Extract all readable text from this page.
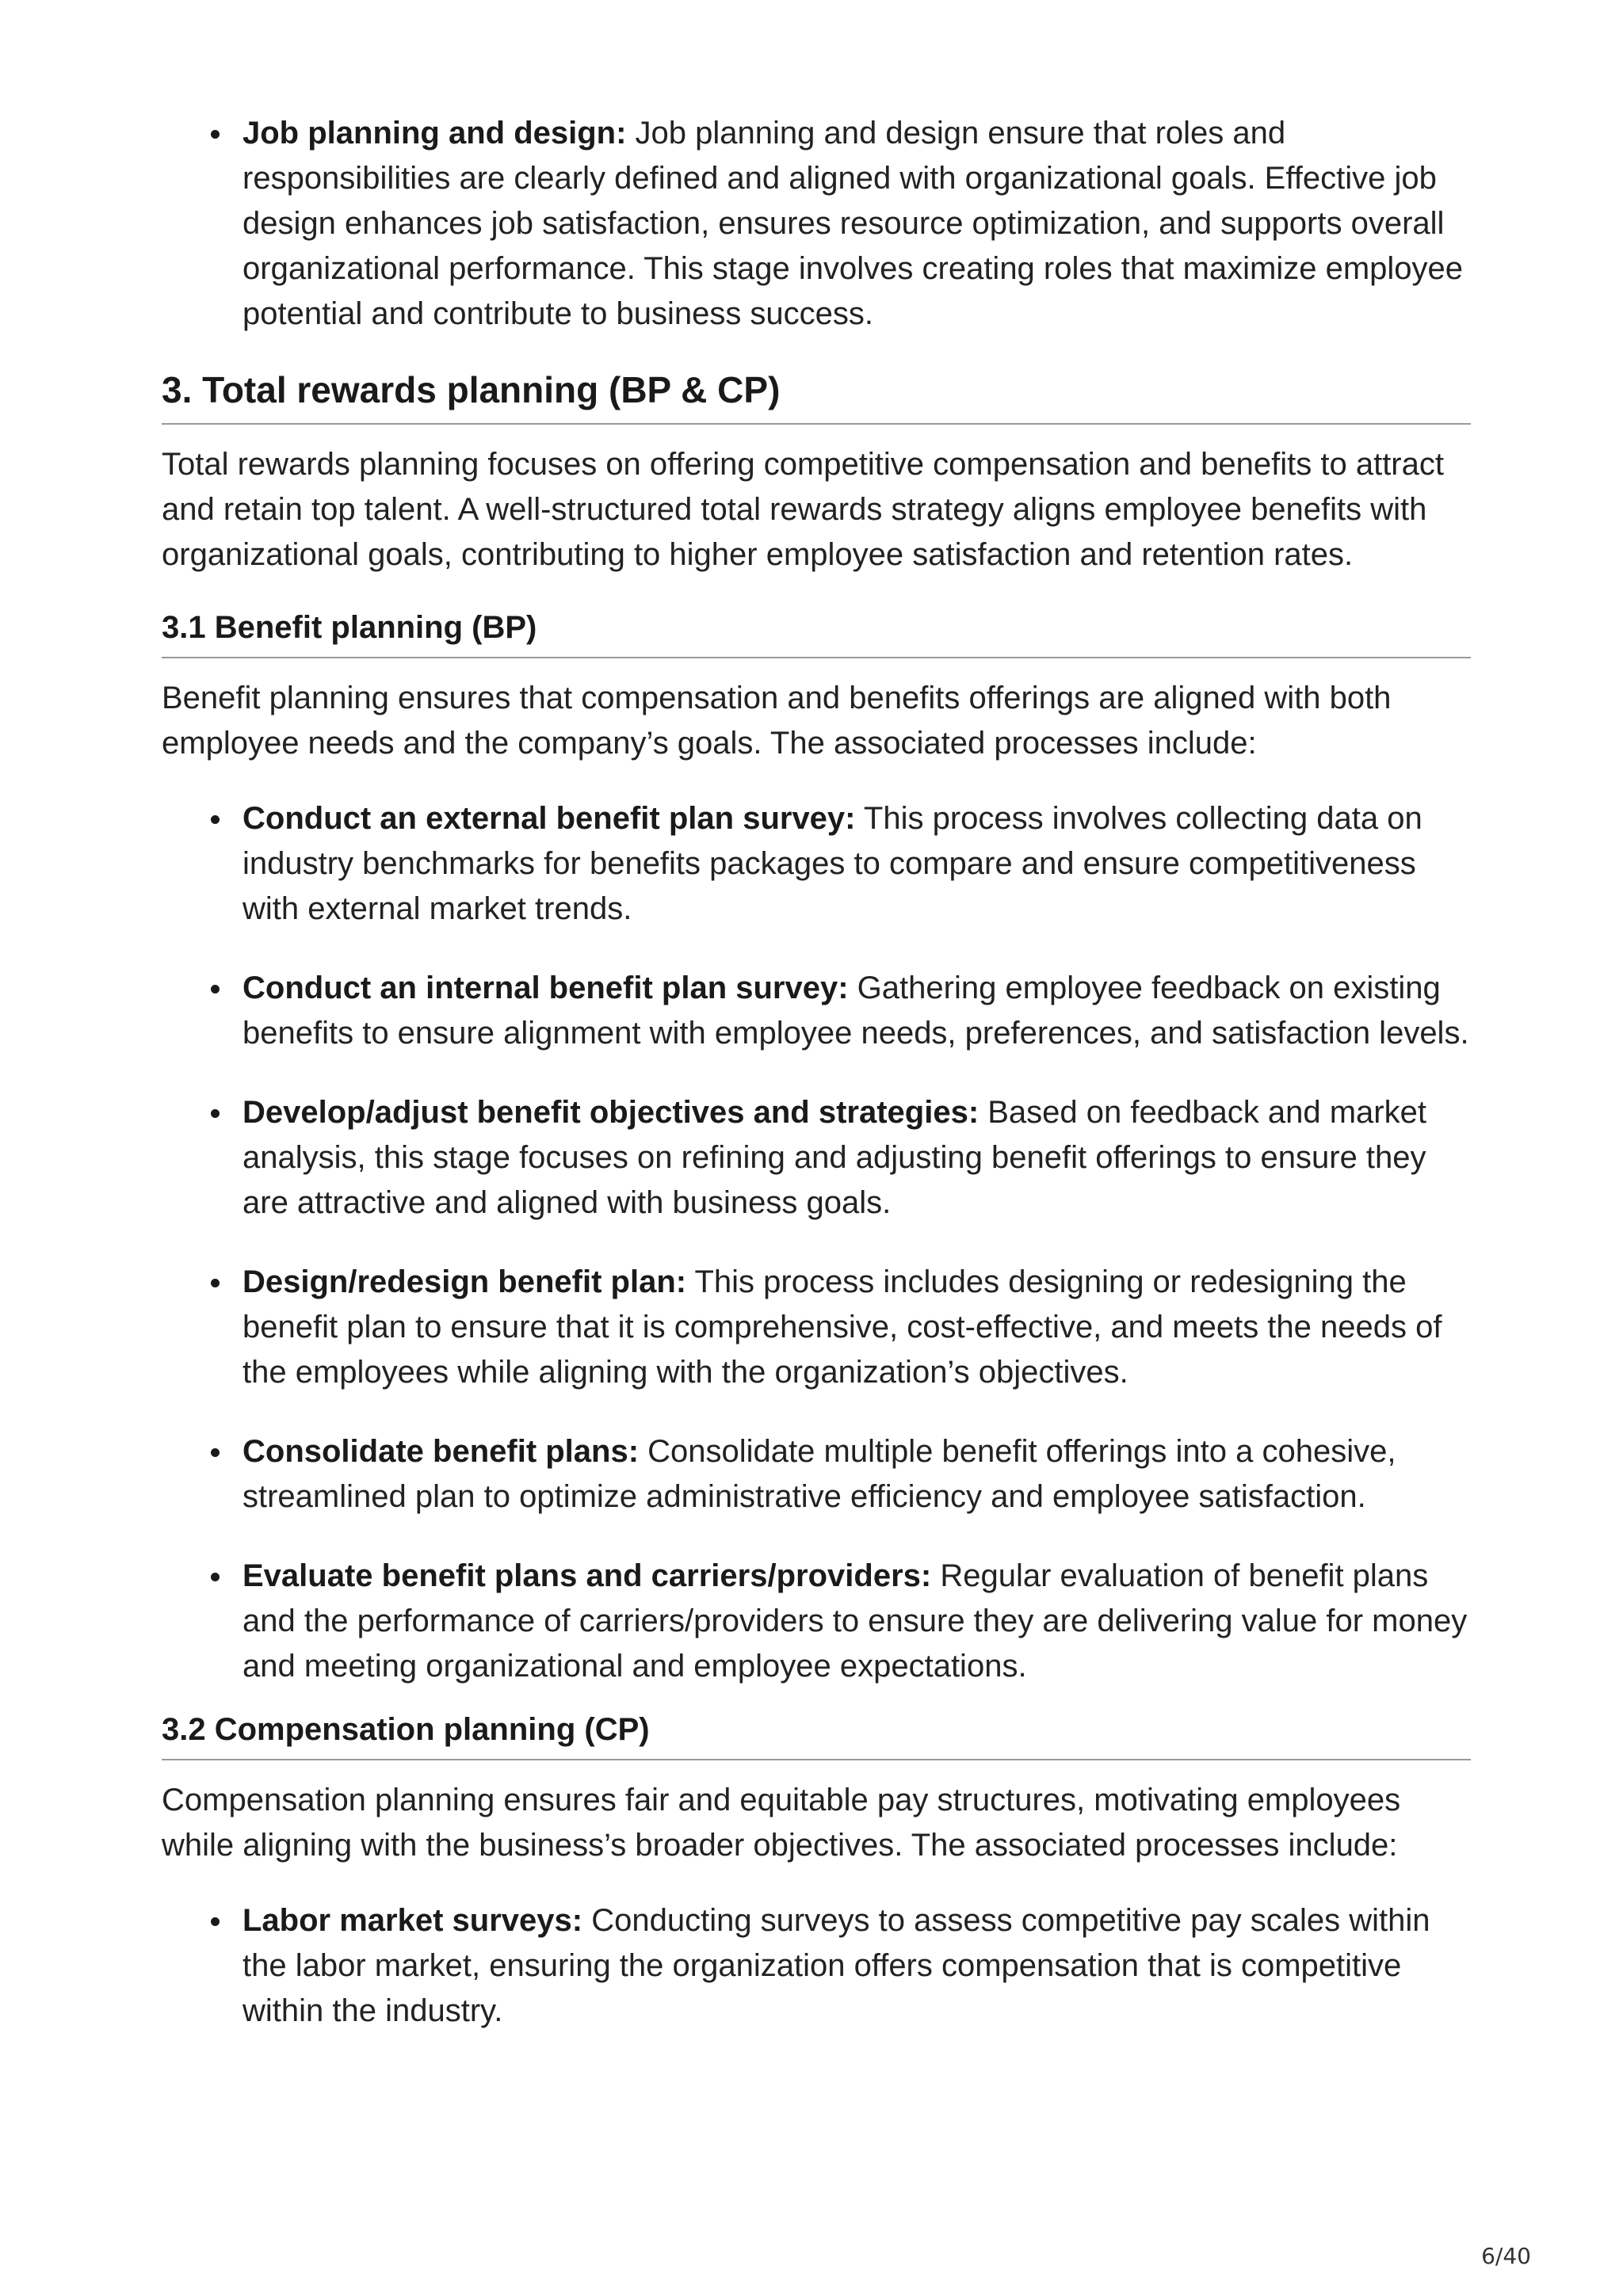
Job planning and design: Job planning and design ensure that roles and responsibilities are clearly defined and aligned with organizational goals. Effective job design enhances job satisfaction, ensures resource optimization, and supports overall organizational performance. This stage involves creating roles that maximize employee potential and contribute to business success.
3. Total rewards planning (BP & CP)

Total rewards planning focuses on offering competitive compensation and benefits to attract and retain top talent. A well-structured total rewards strategy aligns employee benefits with organizational goals, contributing to higher employee satisfaction and retention rates.

3.1 Benefit planning (BP)

Benefit planning ensures that compensation and benefits offerings are aligned with both employee needs and the company’s goals. The associated processes include:

Conduct an external benefit plan survey: This process involves collecting data on industry benchmarks for benefits packages to compare and ensure competitiveness with external market trends.
Conduct an internal benefit plan survey: Gathering employee feedback on existing benefits to ensure alignment with employee needs, preferences, and satisfaction levels.
Develop/adjust benefit objectives and strategies: Based on feedback and market analysis, this stage focuses on refining and adjusting benefit offerings to ensure they are attractive and aligned with business goals.
Design/redesign benefit plan: This process includes designing or redesigning the benefit plan to ensure that it is comprehensive, cost-effective, and meets the needs of the employees while aligning with the organization’s objectives.
Consolidate benefit plans: Consolidate multiple benefit offerings into a cohesive, streamlined plan to optimize administrative efficiency and employee satisfaction.
Evaluate benefit plans and carriers/providers: Regular evaluation of benefit plans and the performance of carriers/providers to ensure they are delivering value for money and meeting organizational and employee expectations.
3.2 Compensation planning (CP)

Compensation planning ensures fair and equitable pay structures, motivating employees while aligning with the business’s broader objectives. The associated processes include:

Labor market surveys: Conducting surveys to assess competitive pay scales within the labor market, ensuring the organization offers compensation that is competitive within the industry.
6/40
